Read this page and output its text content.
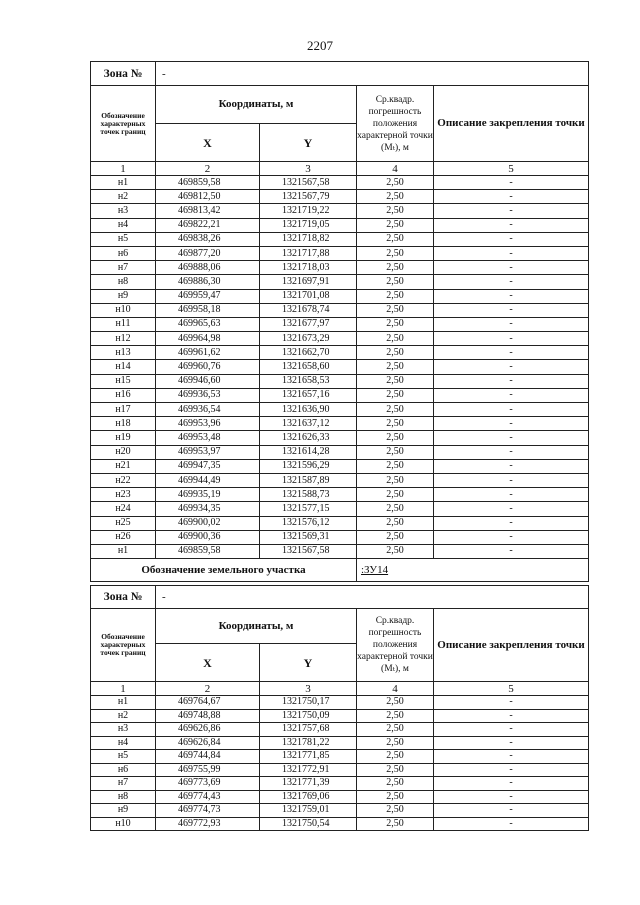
2207
Зона №	-			
Обозначение характерных точек границ	Координаты, м		Ср.квадр. погрешность положения характерной точки (Mₜ), м	Описание закрепления точки
	X	Y		
1	2	3	4	5
н1	469859,58	1321567,58	2,50	-
н2	469812,50	1321567,79	2,50	-
н3	469813,42	1321719,22	2,50	-
н4	469822,21	1321719,05	2,50	-
н5	469838,26	1321718,82	2,50	-
н6	469877,20	1321717,88	2,50	-
н7	469888,06	1321718,03	2,50	-
н8	469886,30	1321697,91	2,50	-
н9	469959,47	1321701,08	2,50	-
н10	469958,18	1321678,74	2,50	-
н11	469965,63	1321677,97	2,50	-
н12	469964,98	1321673,29	2,50	-
н13	469961,62	1321662,70	2,50	-
н14	469960,76	1321658,60	2,50	-
н15	469946,60	1321658,53	2,50	-
н16	469936,53	1321657,16	2,50	-
н17	469936,54	1321636,90	2,50	-
н18	469953,96	1321637,12	2,50	-
н19	469953,48	1321626,33	2,50	-
н20	469953,97	1321614,28	2,50	-
н21	469947,35	1321596,29	2,50	-
н22	469944,49	1321587,89	2,50	-
н23	469935,19	1321588,73	2,50	-
н24	469934,35	1321577,15	2,50	-
н25	469900,02	1321576,12	2,50	-
н26	469900,36	1321569,31	2,50	-
н1	469859,58	1321567,58	2,50	-
Обозначение земельного участка			:ЗУ14	
Зона №	-			
Обозначение характерных точек границ	Координаты, м		Ср.квадр. погрешность положения характерной точки (Mₜ), м	Описание закрепления точки
	X	Y		
1	2	3	4	5
н1	469764,67	1321750,17	2,50	-
н2	469748,88	1321750,09	2,50	-
н3	469626,86	1321757,68	2,50	-
н4	469626,84	1321781,22	2,50	-
н5	469744,84	1321771,85	2,50	-
н6	469755,99	1321772,91	2,50	-
н7	469773,69	1321771,39	2,50	-
н8	469774,43	1321769,06	2,50	-
н9	469774,73	1321759,01	2,50	-
н10	469772,93	1321750,54	2,50	-
